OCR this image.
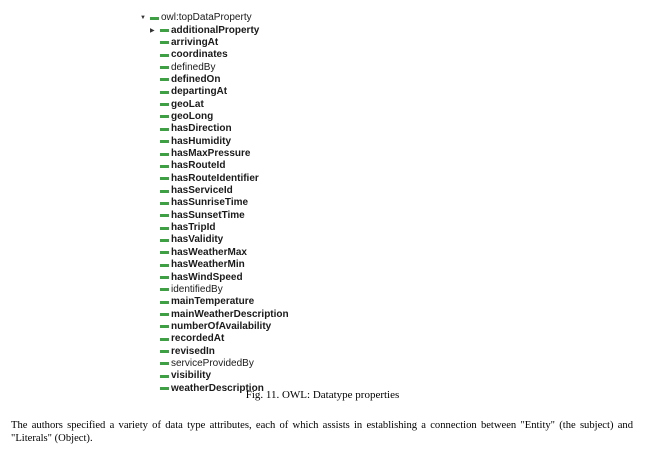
▼	owl:topDataProperty
▶	additionalProperty
arrivingAt
coordinates
definedBy
definedOn
departingAt
geoLat
geoLong
hasDirection
hasHumidity
hasMaxPressure
hasRouteId
hasRouteIdentifier
hasServiceId
hasSunriseTime
hasSunsetTime
hasTripId
hasValidity
hasWeatherMax
hasWeatherMin
hasWindSpeed
identifiedBy
mainTemperature
mainWeatherDescription
numberOfAvailability
recordedAt
revisedIn
serviceProvidedBy
visibility
weatherDescription
Fig. 11. OWL: Datatype properties
The authors specified a variety of data type attributes, each of which assists in establishing a connection between "Entity" (the subject) and "Literals" (Object).
